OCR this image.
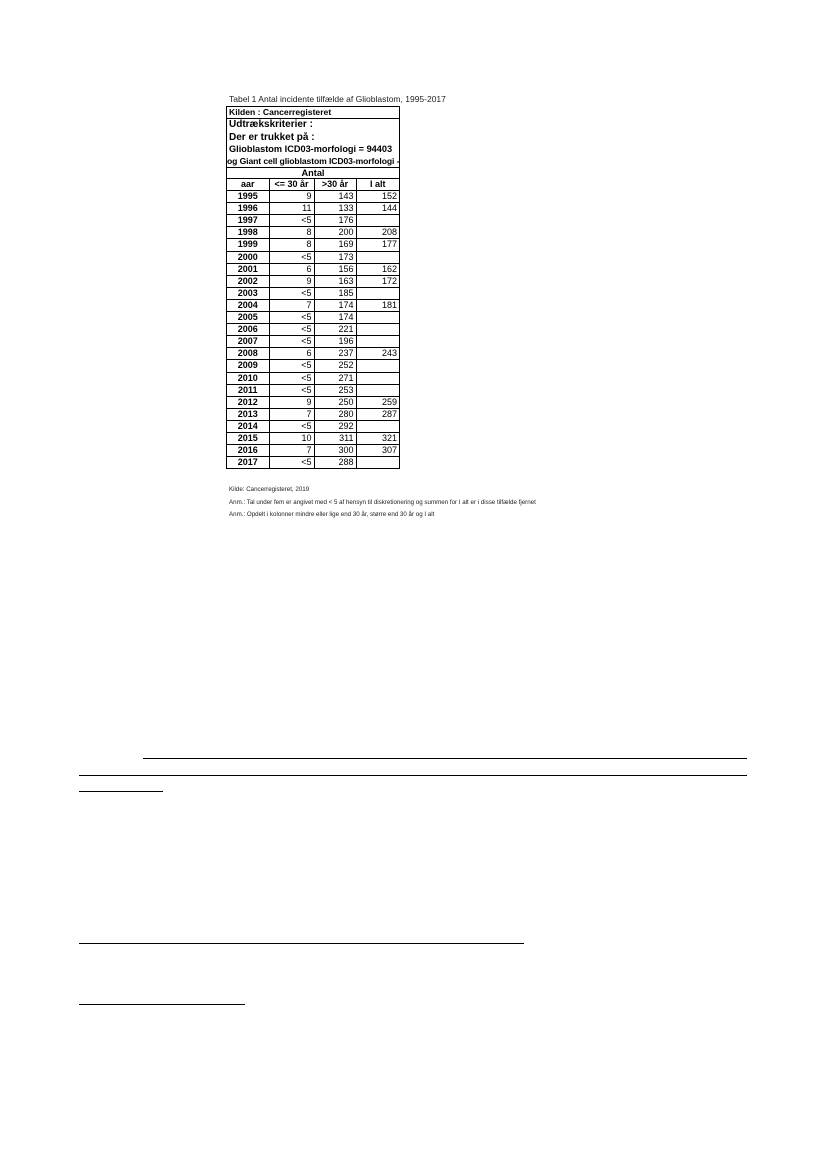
Tabel 1 Antal incidente tilfælde af Glioblastom, 1995-2017
Kilden : Cancerregisteret
Udtrækskriterier :
Der er trukket på :
Glioblastom ICD03-morfologi = 94403
og Giant cell glioblastom ICD03-morfologi -
Antal
aar	<= 30 år	>30 år	I alt
1995	9	143	152
1996	11	133	144
1997	<5	176	
1998	8	200	208
1999	8	169	177
2000	<5	173	
2001	6	156	162
2002	9	163	172
2003	<5	185	
2004	7	174	181
2005	<5	174	
2006	<5	221	
2007	<5	196	
2008	6	237	243
2009	<5	252	
2010	<5	271	
2011	<5	253	
2012	9	250	259
2013	7	280	287
2014	<5	292	
2015	10	311	321
2016	7	300	307
2017	<5	288	
Kilde: Cancerregisteret, 2019
Anm.: Tal under fem er angivet med < 5 af hensyn til diskretionering og summen for I alt er i disse tilfælde fjernet
Anm.: Opdelt i kolonner mindre eller lige end 30 år, større end 30 år og I alt
